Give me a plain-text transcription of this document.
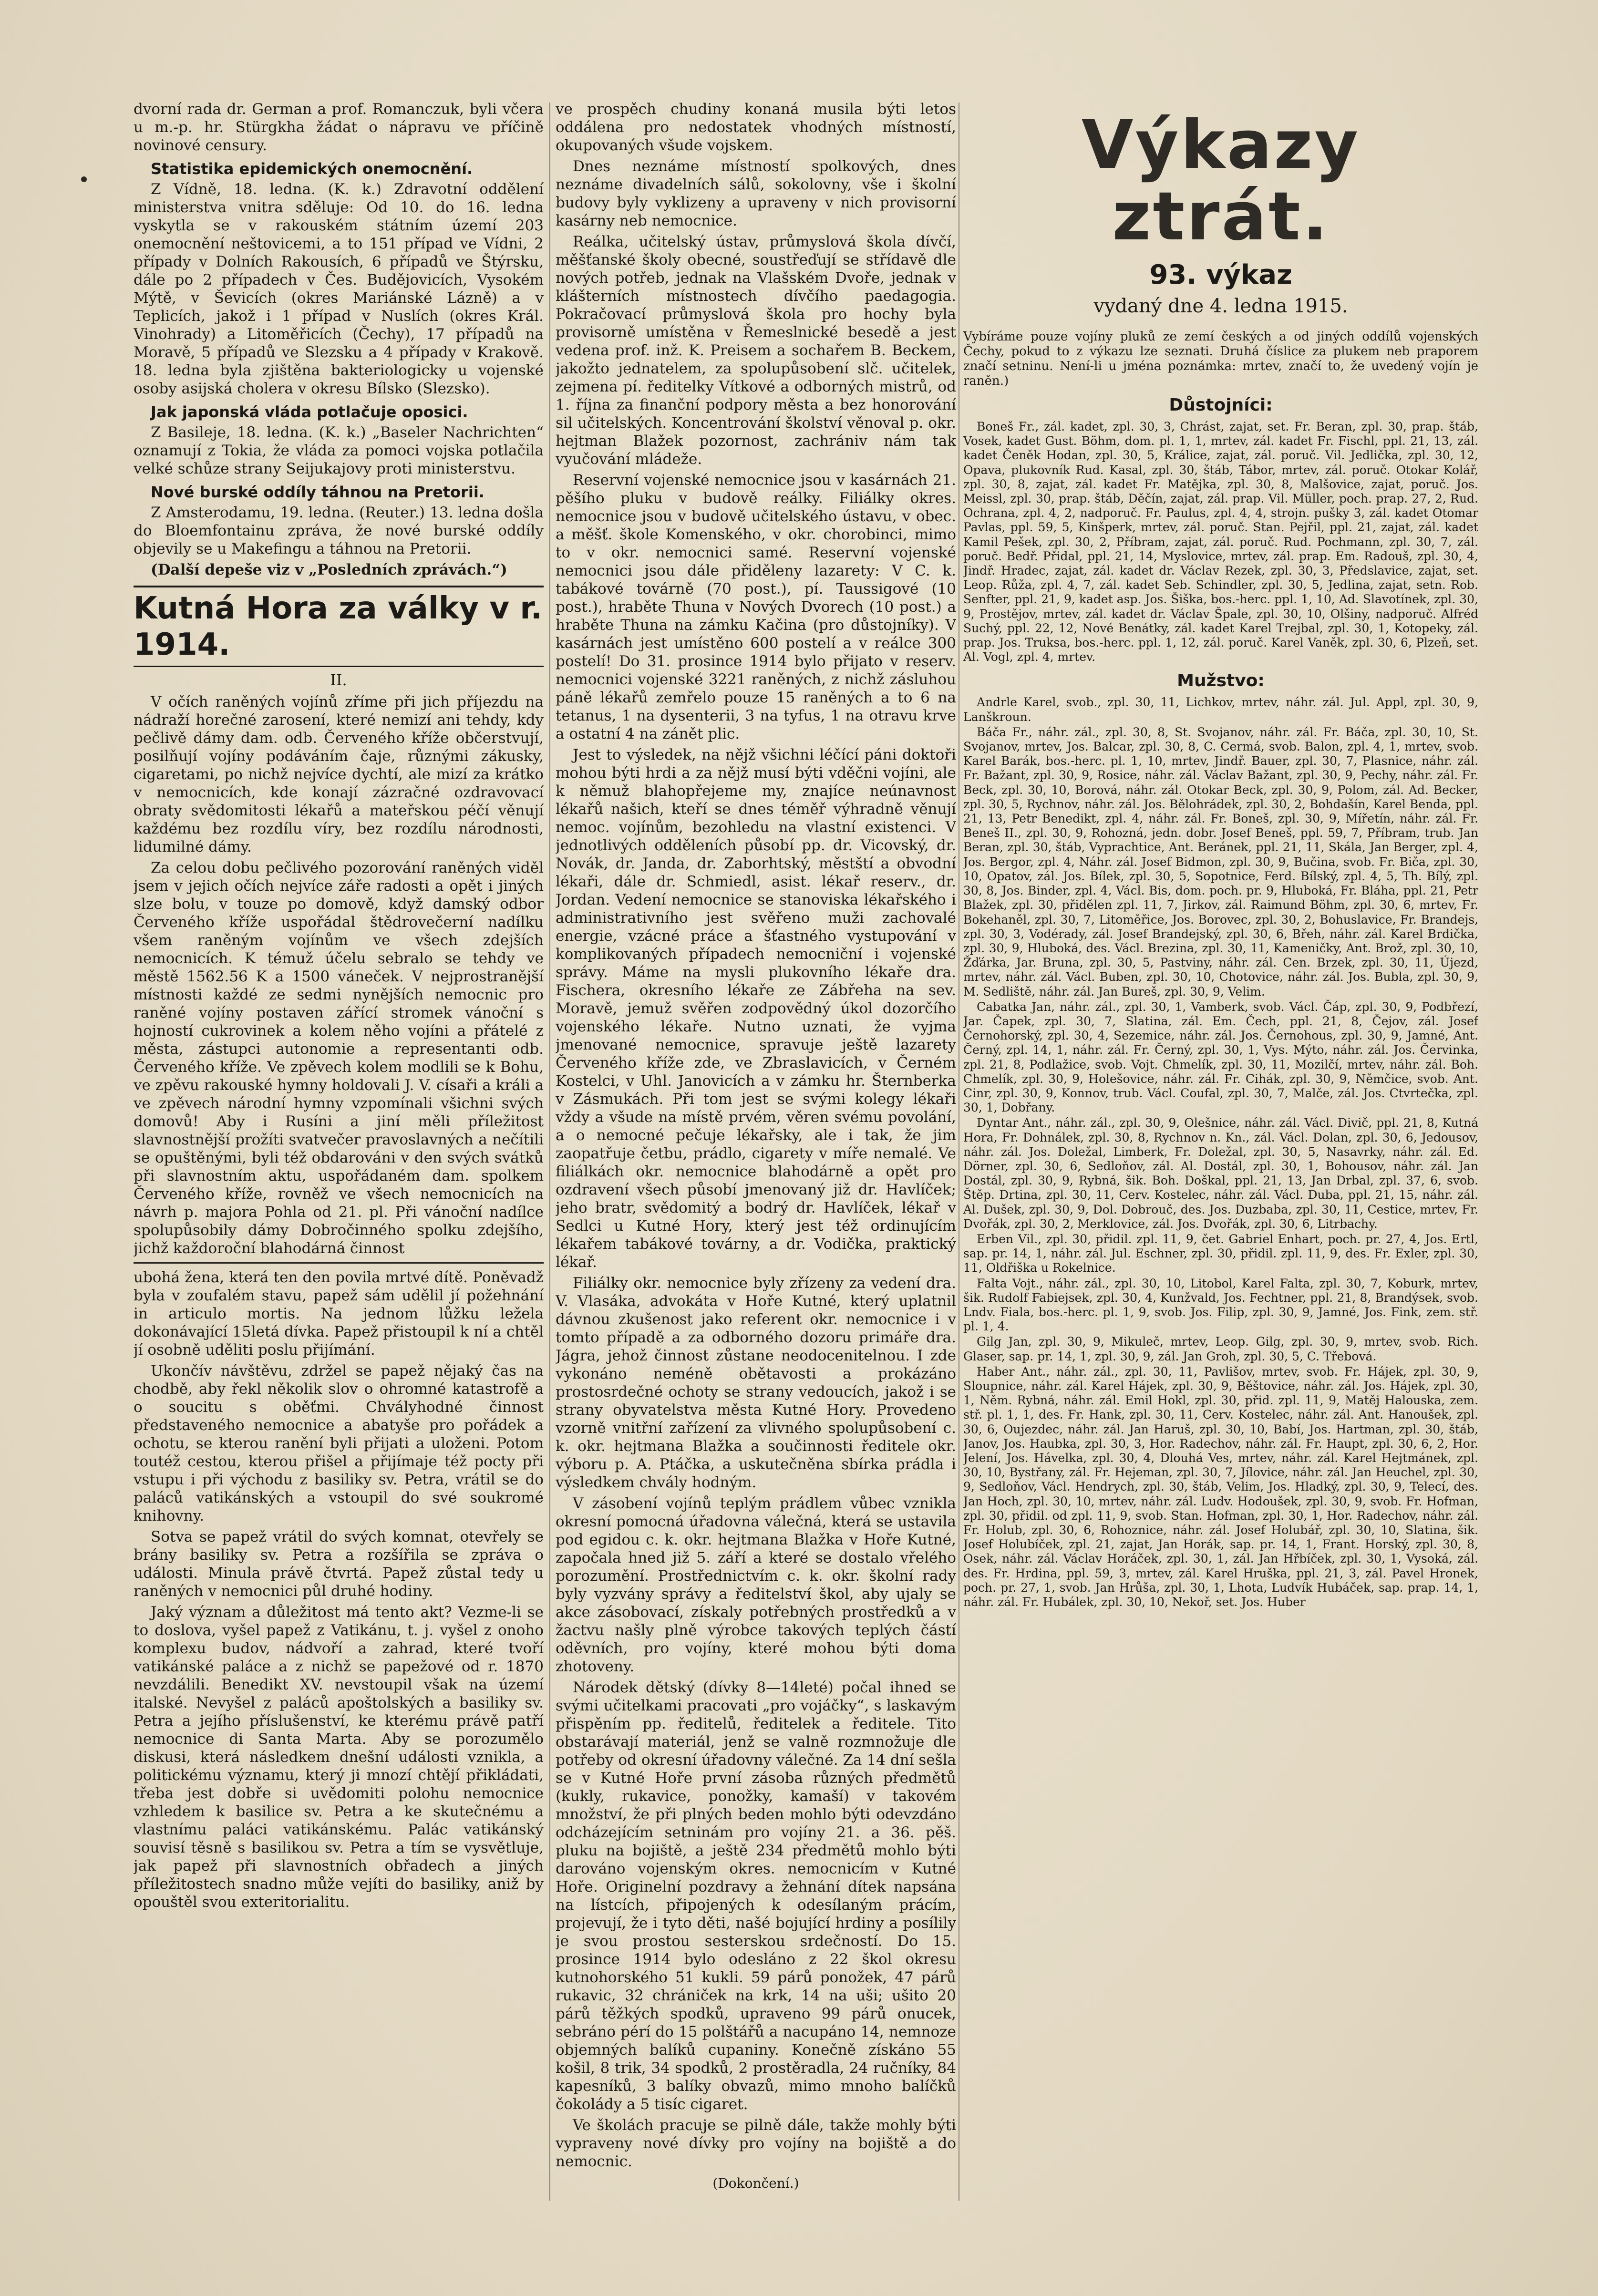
dvorní rada dr. German a prof. Romanczuk, byli včera u m.-p. hr. Stürgkha žádat o nápravu ve příčině novinové censury.

Statistika epidemických onemocnění.

Z Vídně, 18. ledna. (K. k.) Zdravotní oddělení ministerstva vnitra sděluje: Od 10. do 16. ledna vyskytla se v rakouském státním území 203 onemocnění neštovicemi, a to 151 případ ve Vídni, 2 případy v Dolních Rakousích, 6 případů ve Štýrsku, dále po 2 případech v Čes. Budějovicích, Vysokém Mýtě, v Ševicích (okres Mariánské Lázně) a v Teplicích, jakož i 1 případ v Nuslích (okres Král. Vinohrady) a Litoměřicích (Čechy), 17 případů na Moravě, 5 případů ve Slezsku a 4 případy v Krakově. 18. ledna byla zjištěna bakteriologicky u vojenské osoby asijská cholera v okresu Bílsko (Slezsko).

Jak japonská vláda potlačuje oposici.

Z Basileje, 18. ledna. (K. k.) „Baseler Nachrichten“ oznamují z Tokia, že vláda za pomoci vojska potlačila velké schůze strany Seijukajovy proti ministerstvu.

Nové burské oddíly táhnou na Pretorii.

Z Amsterodamu, 19. ledna. (Reuter.) 13. ledna došla do Bloemfontainu zpráva, že nové burské oddíly objevily se u Makefingu a táhnou na Pretorii.

(Další depeše viz v „Posledních zprávách.“)

Kutná Hora za války v r. 1914.
II.

V očích raněných vojínů zříme při jich příjezdu na nádraží horečné zarosení, které nemizí ani tehdy, kdy pečlivě dámy dam. odb. Červeného kříže občerstvují, posilňují vojíny podáváním čaje, různými zákusky, cigaretami, po nichž nejvíce dychtí, ale mizí za krátko v nemocnicích, kde konají zázračné ozdravovací obraty svědomitosti lékařů a mateřskou péčí věnují každému bez rozdílu víry, bez rozdílu národnosti, lidumilné dámy.

Za celou dobu pečlivého pozorování raněných viděl jsem v jejich očích nejvíce záře radosti a opět i jiných slze bolu, v touze po domově, když damský odbor Červeného kříže uspořádal štědrovečerní nadílku všem raněným vojínům ve všech zdejších nemocnicích. K témuž účelu sebralo se tehdy ve městě 1562.56 K a 1500 váneček. V nejprostranější místnosti každé ze sedmi nynějších nemocnic pro raněné vojíny postaven zářící stromek vánoční s hojností cukrovinek a kolem něho vojíni a přátelé z města, zástupci autonomie a representanti odb. Červeného kříže. Ve zpěvech kolem modlili se k Bohu, ve zpěvu rakouské hymny holdovali J. V. císaři a králi a ve zpěvech národní hymny vzpomínali všichni svých domovů! Aby i Rusíni a jiní měli příležitost slavnostnější prožíti svatvečer pravoslavných a nečítili se opuštěnými, byli též obdarováni v den svých svátků při slavnostním aktu, uspořádaném dam. spolkem Červeného kříže, rovněž ve všech nemocnicích na návrh p. majora Pohla od 21. pl. Při vánoční nadílce spolupůsobily dámy Dobročinného spolku zdejšího, jichž každoroční blahodárná činnost

ubohá žena, která ten den povila mrtvé dítě. Poněvadž byla v zoufalém stavu, papež sám udělil jí požehnání in articulo mortis. Na jednom lůžku ležela dokonávající 15letá dívka. Papež přistoupil k ní a chtěl jí osobně uděliti poslu přijímání.

Ukončív návštěvu, zdržel se papež nějaký čas na chodbě, aby řekl několik slov o ohromné katastrofě a o soucitu s oběťmi. Chvályhodné činnost představeného nemocnice a abatyše pro pořádek a ochotu, se kterou ranění byli přijati a uloženi. Potom toutéž cestou, kterou přišel a přijímaje též pocty při vstupu i při východu z basiliky sv. Petra, vrátil se do paláců vatikánských a vstoupil do své soukromé knihovny.

Sotva se papež vrátil do svých komnat, otevřely se brány basiliky sv. Petra a rozšířila se zpráva o události. Minula právě čtvrtá. Papež zůstal tedy u raněných v nemocnici půl druhé hodiny.

Jaký význam a důležitost má tento akt? Vezme-li se to doslova, vyšel papež z Vatikánu, t. j. vyšel z onoho komplexu budov, nádvoří a zahrad, které tvoří vatikánské paláce a z nichž se papežové od r. 1870 nevzdálili. Benedikt XV. nevstoupil však na území italské. Nevyšel z paláců apoštolských a basiliky sv. Petra a jejího příslušenství, ke kterému právě patří nemocnice di Santa Marta. Aby se porozumělo diskusi, která následkem dnešní události vznikla, a politickému významu, který ji mnozí chtějí přikládati, třeba jest dobře si uvědomiti polohu nemocnice vzhledem k basilice sv. Petra a ke skutečnému a vlastnímu paláci vatikánskému. Palác vatikánský souvisí těsně s basilikou sv. Petra a tím se vysvětluje, jak papež při slavnostních obřadech a jiných příležitostech snadno může vejíti do basiliky, aniž by opouštěl svou exteritorialitu.

ve prospěch chudiny konaná musila býti letos oddálena pro nedostatek vhodných místností, okupovaných všude vojskem.

Dnes neznáme místností spolkových, dnes neznáme divadelních sálů, sokolovny, vše i školní budovy byly vyklizeny a upraveny v nich provisorní kasárny neb nemocnice.

Reálka, učitelský ústav, průmyslová škola dívčí, měšťanské školy obecné, soustřeďují se střídavě dle nových potřeb, jednak na Vlašském Dvoře, jednak v klášterních místnostech dívčího paedagogia. Pokračovací průmyslová škola pro hochy byla provisorně umístěna v Řemeslnické besedě a jest vedena prof. inž. K. Preisem a sochařem B. Beckem, jakožto jednatelem, za spolupůsobení slč. učitelek, zejmena pí. ředitelky Vítkové a odborných mistrů, od 1. října za finanční podpory města a bez honorování sil učitelských. Koncentrování školství věnoval p. okr. hejtman Blažek pozornost, zachrániv nám tak vyučování mládeže.

Reservní vojenské nemocnice jsou v kasárnách 21. pěšího pluku v budově reálky. Filiálky okres. nemocnice jsou v budově učitelského ústavu, v obec. a měšť. škole Komenského, v okr. chorobinci, mimo to v okr. nemocnici samé. Reservní vojenské nemocnici jsou dále přiděleny lazarety: V C. k. tabákové továrně (70 post.), pí. Taussigové (10 post.), hraběte Thuna v Nových Dvorech (10 post.) a hraběte Thuna na zámku Kačina (pro důstojníky). V kasárnách jest umístěno 600 postelí a v reálce 300 postelí! Do 31. prosince 1914 bylo přijato v reserv. nemocnici vojenské 3221 raněných, z nichž zásluhou páně lékařů zemřelo pouze 15 raněných a to 6 na tetanus, 1 na dysenterii, 3 na tyfus, 1 na otravu krve a ostatní 4 na zánět plic.

Jest to výsledek, na nějž všichni léčící páni doktoři mohou býti hrdi a za nějž musí býti vděčni vojíni, ale k němuž blahopřejeme my, znajíce neúnavnost lékařů našich, kteří se dnes téměř výhradně věnují nemoc. vojínům, bezohledu na vlastní existenci. V jednotlivých odděleních působí pp. dr. Vicovský, dr. Novák, dr. Janda, dr. Zaborhtský, městští a obvodní lékaři, dále dr. Schmiedl, asist. lékař reserv., dr. Jordan. Vedení nemocnice se stanoviska lékařského i administrativního jest svěřeno muži zachovalé energie, vzácné práce a šťastného vystupování v komplikovaných případech nemocniční i vojenské správy. Máme na mysli plukovního lékaře dra. Fischera, okresního lékaře ze Zábřeha na sev. Moravě, jemuž svěřen zodpovědný úkol dozorčího vojenského lékaře. Nutno uznati, že vyjma jmenované nemocnice, spravuje ještě lazarety Červeného kříže zde, ve Zbraslavicích, v Černém Kostelci, v Uhl. Janovicích a v zámku hr. Šternberka v Zásmukách. Při tom jest se svými kolegy lékaři vždy a všude na místě prvém, věren svému povolání, a o nemocné pečuje lékařsky, ale i tak, že jim zaopatřuje četbu, prádlo, cigarety v míře nemalé. Ve filiálkách okr. nemocnice blahodárně a opět pro ozdravení všech působí jmenovaný již dr. Havlíček; jeho bratr, svědomitý a bodrý dr. Havlíček, lékař v Sedlci u Kutné Hory, který jest též ordinujícím lékařem tabákové továrny, a dr. Vodička, praktický lékař.

Filiálky okr. nemocnice byly zřízeny za vedení dra. V. Vlasáka, advokáta v Hoře Kutné, který uplatnil dávnou zkušenost jako referent okr. nemocnice i v tomto případě a za odborného dozoru primáře dra. Jágra, jehož činnost zůstane neodocenitelnou. I zde vykonáno neméně obětavosti a prokázáno prostosrdečné ochoty se strany vedoucích, jakož i se strany obyvatelstva města Kutné Hory. Provedeno vzorně vnitřní zařízení za vlivného spolupůsobení c. k. okr. hejtmana Blažka a součinnosti ředitele okr. výboru p. A. Ptáčka, a uskutečněna sbírka prádla i výsledkem chvály hodným.

V zásobení vojínů teplým prádlem vůbec vznikla okresní pomocná úřadovna válečná, která se ustavila pod egidou c. k. okr. hejtmana Blažka v Hoře Kutné, započala hned již 5. září a které se dostalo vřelého porozumění. Prostřednictvím c. k. okr. školní rady byly vyzvány správy a ředitelství škol, aby ujaly se akce zásobovací, získaly potřebných prostředků a v žactvu našly plně výrobce takových teplých částí oděvních, pro vojíny, které mohou býti doma zhotoveny.

Národek dětský (dívky 8—14leté) počal ihned se svými učitelkami pracovati „pro vojáčky“, s laskavým přispěním pp. ředitelů, ředitelek a ředitele. Tito obstarávají materiál, jenž se valně rozmnožuje dle potřeby od okresní úřadovny válečné. Za 14 dní sešla se v Kutné Hoře první zásoba různých předmětů (kukly, rukavice, ponožky, kamaší) v takovém množství, že při plných beden mohlo býti odevzdáno odcházejícím setninám pro vojíny 21. a 36. pěš. pluku na bojiště, a ještě 234 předmětů mohlo býti darováno vojenským okres. nemocnicím v Kutné Hoře. Originelní pozdravy a žehnání dítek napsána na lístcích, připojených k odesílaným prácím, projevují, že i tyto děti, našé bojující hrdiny a posílily je svou prostou sesterskou srdečností. Do 15. prosince 1914 bylo odesláno z 22 škol okresu kutnohorského 51 kukli. 59 párů ponožek, 47 párů rukavic, 32 chrániček na krk, 14 na uši; ušito 20 párů těžkých spodků, upraveno 99 párů onucek, sebráno pérí do 15 polštářů a nacupáno 14, nemnoze objemných balíků cupaniny. Konečně získáno 55 košil, 8 trik, 34 spodků, 2 prostěradla, 24 ručníky, 84 kapesníků, 3 balíky obvazů, mimo mnoho balíčků čokolády a 5 tisíc cigaret.

Ve školách pracuje se pilně dále, takže mohly býti vypraveny nové dívky pro vojíny na bojiště a do nemocnic.

(Dokončení.)
Výkazy ztrát.
93. výkaz
vydaný dne 4. ledna 1915.

Vybíráme pouze vojíny pluků ze zemí českých a od jiných oddílů vojenských Čechy, pokud to z výkazu lze seznati. Druhá číslice za plukem neb praporem značí setninu. Není-li u jména poznámka: mrtev, značí to, že uvedený vojín je raněn.)

Důstojníci:

Boneš Fr., zál. kadet, zpl. 30, 3, Chrást, zajat, set. Fr. Beran, zpl. 30, prap. štáb, Vosek, kadet Gust. Böhm, dom. pl. 1, 1, mrtev, zál. kadet Fr. Fischl, ppl. 21, 13, zál. kadet Čeněk Hodan, zpl. 30, 5, Králice, zajat, zál. poruč. Vil. Jedlička, zpl. 30, 12, Opava, plukovník Rud. Kasal, zpl. 30, štáb, Tábor, mrtev, zál. poruč. Otokar Kolář, zpl. 30, 8, zajat, zál. kadet Fr. Matějka, zpl. 30, 8, Malšovice, zajat, poruč. Jos. Meissl, zpl. 30, prap. štáb, Děčín, zajat, zál. prap. Vil. Müller, poch. prap. 27, 2, Rud. Ochrana, zpl. 4, 2, nadporuč. Fr. Paulus, zpl. 4, 4, strojn. pušky 3, zál. kadet Otomar Pavlas, ppl. 59, 5, Kinšperk, mrtev, zál. poruč. Stan. Pejřil, ppl. 21, zajat, zál. kadet Kamil Pešek, zpl. 30, 2, Příbram, zajat, zál. poruč. Rud. Pochmann, zpl. 30, 7, zál. poruč. Bedř. Přidal, ppl. 21, 14, Myslovice, mrtev, zál. prap. Em. Radouš, zpl. 30, 4, Jindř. Hradec, zajat, zál. kadet dr. Václav Rezek, zpl. 30, 3, Předslavice, zajat, set. Leop. Růža, zpl. 4, 7, zál. kadet Seb. Schindler, zpl. 30, 5, Jedlina, zajat, setn. Rob. Senfter, ppl. 21, 9, kadet asp. Jos. Šiška, bos.-herc. ppl. 1, 10, Ad. Slavotínek, zpl. 30, 9, Prostějov, mrtev, zál. kadet dr. Václav Špale, zpl. 30, 10, Olšiny, nadporuč. Alfréd Suchý, ppl. 22, 12, Nové Benátky, zál. kadet Karel Trejbal, zpl. 30, 1, Kotopeky, zál. prap. Jos. Truksa, bos.-herc. ppl. 1, 12, zál. poruč. Karel Vaněk, zpl. 30, 6, Plzeň, set. Al. Vogl, zpl. 4, mrtev.

Mužstvo:

Andrle Karel, svob., zpl. 30, 11, Lichkov, mrtev, náhr. zál. Jul. Appl, zpl. 30, 9, Lanškroun.

Báča Fr., náhr. zál., zpl. 30, 8, St. Svojanov, náhr. zál. Fr. Báča, zpl. 30, 10, St. Svojanov, mrtev, Jos. Balcar, zpl. 30, 8, C. Cermá, svob. Balon, zpl. 4, 1, mrtev, svob. Karel Barák, bos.-herc. pl. 1, 10, mrtev, Jindř. Bauer, zpl. 30, 7, Plasnice, náhr. zál. Fr. Bažant, zpl. 30, 9, Rosice, náhr. zál. Václav Bažant, zpl. 30, 9, Pechy, náhr. zál. Fr. Beck, zpl. 30, 10, Borová, náhr. zál. Otokar Beck, zpl. 30, 9, Polom, zál. Ad. Becker, zpl. 30, 5, Rychnov, náhr. zál. Jos. Bělohrádek, zpl. 30, 2, Bohdašín, Karel Benda, ppl. 21, 13, Petr Benedikt, zpl. 4, náhr. zál. Fr. Boneš, zpl. 30, 9, Mířetín, náhr. zál. Fr. Beneš II., zpl. 30, 9, Rohozná, jedn. dobr. Josef Beneš, ppl. 59, 7, Příbram, trub. Jan Beran, zpl. 30, štáb, Vyprachtice, Ant. Beránek, ppl. 21, 11, Skála, Jan Berger, zpl. 4, Jos. Bergor, zpl. 4, Náhr. zál. Josef Bidmon, zpl. 30, 9, Bučina, svob. Fr. Biča, zpl. 30, 10, Opatov, zál. Jos. Bílek, zpl. 30, 5, Sopotnice, Ferd. Bílský, zpl. 4, 5, Th. Bílý, zpl. 30, 8, Jos. Binder, zpl. 4, Václ. Bis, dom. poch. pr. 9, Hluboká, Fr. Bláha, ppl. 21, Petr Blažek, zpl. 30, přidělen zpl. 11, 7, Jirkov, zál. Raimund Böhm, zpl. 30, 6, mrtev, Fr. Bokehaněl, zpl. 30, 7, Litoměřice, Jos. Borovec, zpl. 30, 2, Bohuslavice, Fr. Brandejs, zpl. 30, 3, Vodérady, zál. Josef Brandejský, zpl. 30, 6, Břeh, náhr. zál. Karel Brdička, zpl. 30, 9, Hluboká, des. Václ. Brezina, zpl. 30, 11, Kameničky, Ant. Brož, zpl. 30, 10, Žďárka, Jar. Bruna, zpl. 30, 5, Pastviny, náhr. zál. Cen. Brzek, zpl. 30, 11, Újezd, mrtev, náhr. zál. Václ. Buben, zpl. 30, 10, Chotovice, náhr. zál. Jos. Bubla, zpl. 30, 9, M. Sedliště, náhr. zál. Jan Bureš, zpl. 30, 9, Velim.

Cabatka Jan, náhr. zál., zpl. 30, 1, Vamberk, svob. Václ. Čáp, zpl. 30, 9, Podbřezí, Jar. Čapek, zpl. 30, 7, Slatina, zál. Em. Čech, ppl. 21, 8, Čejov, zál. Josef Černohorský, zpl. 30, 4, Sezemice, náhr. zál. Jos. Černohous, zpl. 30, 9, Jamné, Ant. Černý, zpl. 14, 1, náhr. zál. Fr. Černý, zpl. 30, 1, Vys. Mýto, náhr. zál. Jos. Červinka, zpl. 21, 8, Podlažice, svob. Vojt. Chmelík, zpl. 30, 11, Mozilčí, mrtev, náhr. zál. Boh. Chmelík, zpl. 30, 9, Holešovice, náhr. zál. Fr. Cihák, zpl. 30, 9, Němčice, svob. Ant. Cinr, zpl. 30, 9, Konnov, trub. Václ. Coufal, zpl. 30, 7, Malče, zál. Jos. Ctvrtečka, zpl. 30, 1, Dobřany.

Dyntar Ant., náhr. zál., zpl. 30, 9, Olešnice, náhr. zál. Václ. Divič, ppl. 21, 8, Kutná Hora, Fr. Dohnálek, zpl. 30, 8, Rychnov n. Kn., zál. Václ. Dolan, zpl. 30, 6, Jedousov, náhr. zál. Jos. Doležal, Limberk, Fr. Doležal, zpl. 30, 5, Nasavrky, náhr. zál. Ed. Dörner, zpl. 30, 6, Sedloňov, zál. Al. Dostál, zpl. 30, 1, Bohousov, náhr. zál. Jan Dostál, zpl. 30, 9, Rybná, šik. Boh. Doškal, ppl. 21, 13, Jan Drbal, zpl. 37, 6, svob. Štěp. Drtina, zpl. 30, 11, Cerv. Kostelec, náhr. zál. Václ. Duba, ppl. 21, 15, náhr. zál. Al. Dušek, zpl. 30, 9, Dol. Dobrouč, des. Jos. Duzbaba, zpl. 30, 11, Cestice, mrtev, Fr. Dvořák, zpl. 30, 2, Merklovice, zál. Jos. Dvořák, zpl. 30, 6, Litrbachy.

Erben Vil., zpl. 30, přidil. zpl. 11, 9, čet. Gabriel Enhart, poch. pr. 27, 4, Jos. Ertl, sap. pr. 14, 1, náhr. zál. Jul. Eschner, zpl. 30, přidil. zpl. 11, 9, des. Fr. Exler, zpl. 30, 11, Oldřiška u Rokelnice.

Falta Vojt., náhr. zál., zpl. 30, 10, Litobol, Karel Falta, zpl. 30, 7, Koburk, mrtev, šik. Rudolf Fabiejsek, zpl. 30, 4, Kunžvald, Jos. Fechtner, ppl. 21, 8, Brandýsek, svob. Lndv. Fiala, bos.-herc. pl. 1, 9, svob. Jos. Filip, zpl. 30, 9, Jamné, Jos. Fink, zem. stř. pl. 1, 4.

Gilg Jan, zpl. 30, 9, Mikuleč, mrtev, Leop. Gilg, zpl. 30, 9, mrtev, svob. Rich. Glaser, sap. pr. 14, 1, zpl. 30, 9, zál. Jan Groh, zpl. 30, 5, C. Třebová.

Haber Ant., náhr. zál., zpl. 30, 11, Pavlišov, mrtev, svob. Fr. Hájek, zpl. 30, 9, Sloupnice, náhr. zál. Karel Hájek, zpl. 30, 9, Běštovice, náhr. zál. Jos. Hájek, zpl. 30, 1, Něm. Rybná, náhr. zál. Emil Hokl, zpl. 30, přid. zpl. 11, 9, Matěj Halouska, zem. stř. pl. 1, 1, des. Fr. Hank, zpl. 30, 11, Cerv. Kostelec, náhr. zál. Ant. Hanoušek, zpl. 30, 6, Oujezdec, náhr. zál. Jan Haruš, zpl. 30, 10, Babí, Jos. Hartman, zpl. 30, štáb, Janov, Jos. Haubka, zpl. 30, 3, Hor. Radechov, náhr. zál. Fr. Haupt, zpl. 30, 6, 2, Hor. Jelení, Jos. Hávelka, zpl. 30, 4, Dlouhá Ves, mrtev, náhr. zál. Karel Hejtmánek, zpl. 30, 10, Bystřany, zál. Fr. Hejeman, zpl. 30, 7, Jílovice, náhr. zál. Jan Heuchel, zpl. 30, 9, Sedloňov, Václ. Hendrych, zpl. 30, štáb, Velim, Jos. Hladký, zpl. 30, 9, Telecí, des. Jan Hoch, zpl. 30, 10, mrtev, náhr. zál. Ludv. Hodoušek, zpl. 30, 9, svob. Fr. Hofman, zpl. 30, přidil. od zpl. 11, 9, svob. Stan. Hofman, zpl. 30, 1, Hor. Radechov, náhr. zál. Fr. Holub, zpl. 30, 6, Rohoznice, náhr. zál. Josef Holubář, zpl. 30, 10, Slatina, šik. Josef Holubíček, zpl. 21, zajat, Jan Horák, sap. pr. 14, 1, Frant. Horský, zpl. 30, 8, Osek, náhr. zál. Václav Horáček, zpl. 30, 1, zál. Jan Hřbíček, zpl. 30, 1, Vysoká, zál. des. Fr. Hrdina, ppl. 59, 3, mrtev, zál. Karel Hruška, ppl. 21, 3, zál. Pavel Hronek, poch. pr. 27, 1, svob. Jan Hrůša, zpl. 30, 1, Lhota, Ludvík Hubáček, sap. prap. 14, 1, náhr. zál. Fr. Hubálek, zpl. 30, 10, Nekoř, set. Jos. Huber
